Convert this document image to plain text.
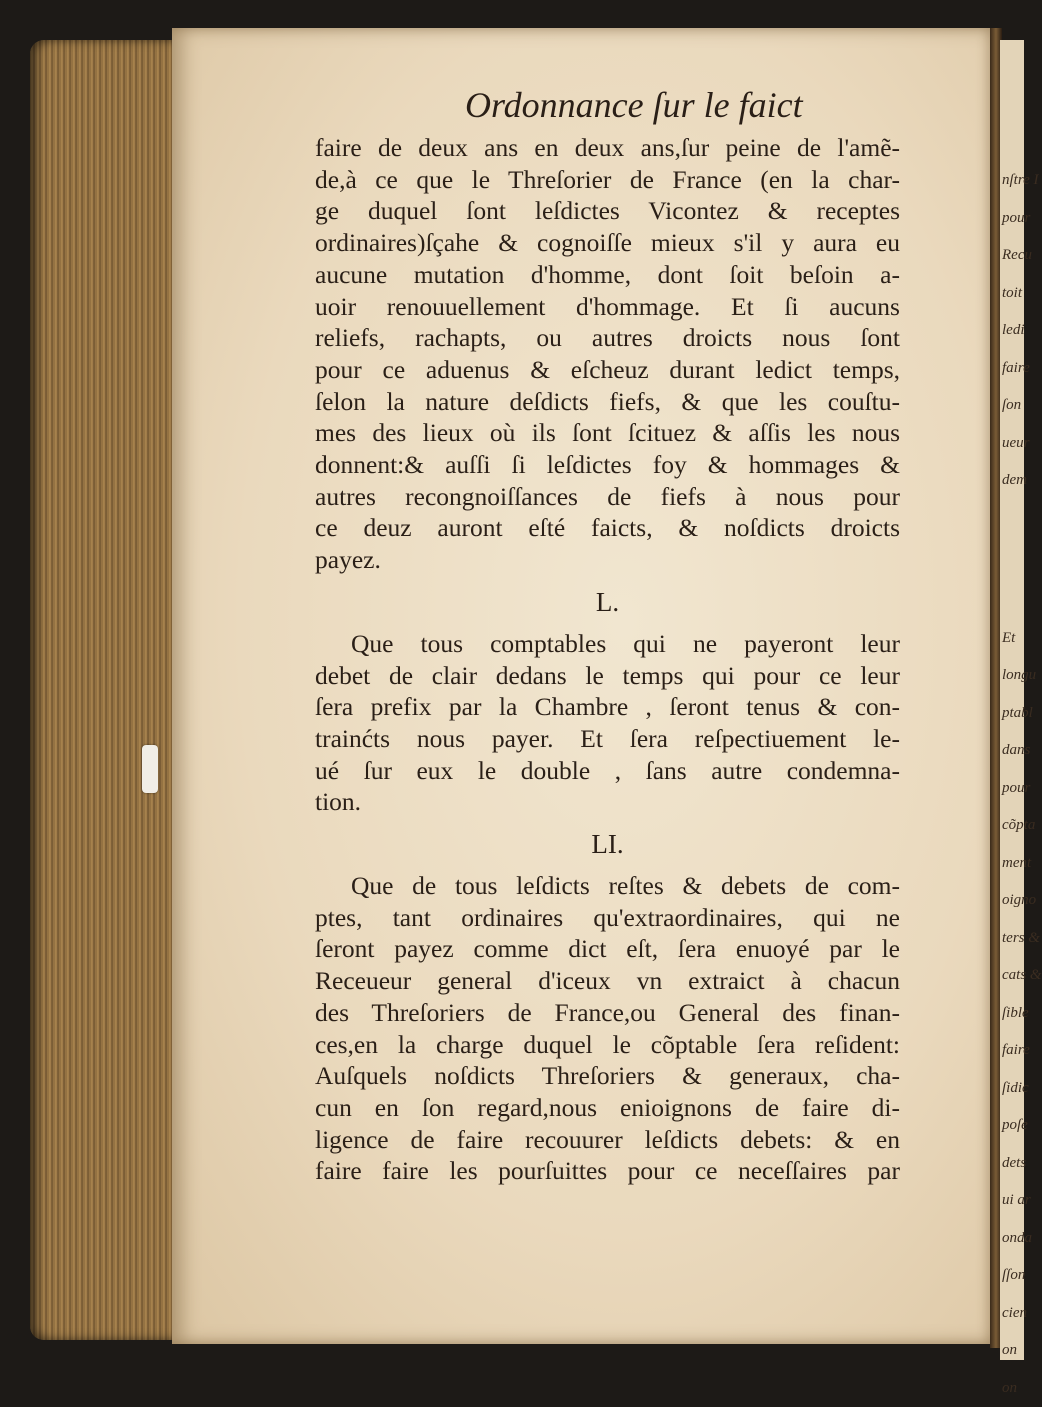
nſtre I
pour
Recu
toit
ledi
faire
ſon
ueur
dem
Et
longu
ptabl
dans
pour
cõpta
ment
oigno
ters &
cats &
ſible
faire
ſidic
poſe
dets
ui ar
onda
ſſon
cien
on
on
Ordonnance ſur le faict
faire de deux ans en deux ans,ſur peine de l'amẽ-
de,à ce que le Threſorier de France (en la char-
ge duquel ſont leſdictes Vicontez & receptes
ordinaires)ſçahe & cognoiſſe mieux s'il y aura eu
aucune mutation d'homme, dont ſoit beſoin a-
uoir renouuellement d'hommage. Et ſi aucuns
reliefs, rachapts, ou autres droicts nous ſont
pour ce aduenus & eſcheuz durant ledict temps,
ſelon la nature deſdicts fiefs, & que les couſtu-
mes des lieux où ils ſont ſcituez & aſſis les nous
donnent:& auſſi ſi leſdictes foy & hommages &
autres recongnoiſſances de fiefs à nous pour
ce deuz auront eſté faicts, & noſdicts droicts
payez.
L.
Que tous comptables qui ne payeront leur
debet de clair dedans le temps qui pour ce leur
ſera prefix par la Chambre , ſeront tenus & con-
trainćts nous payer. Et ſera reſpectiuement le-
ué ſur eux le double , ſans autre condemna-
tion.
LI.
Que de tous leſdicts reſtes & debets de com-
ptes, tant ordinaires qu'extraordinaires, qui ne
ſeront payez comme dict eſt, ſera enuoyé par le
Receueur general d'iceux vn extraict à chacun
des Threſoriers de France,ou General des finan-
ces,en la charge duquel le cõptable ſera reſident:
Auſquels noſdicts Threſoriers & generaux, cha-
cun en ſon regard,nous enioignons de faire di-
ligence de faire recouurer leſdicts debets: & en
faire faire les pourſuittes pour ce neceſſaires par
